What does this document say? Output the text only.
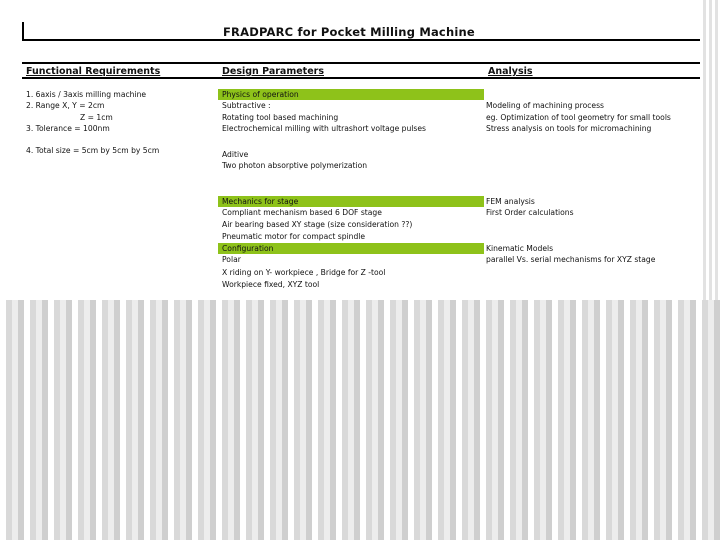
FRADPARC for Pocket Milling Machine
Functional Requirements	Design Parameters	Analysis
1. 6axis / 3axis milling machine
2. Range X, Y = 2cm
Z = 1cm
3. Tolerance = 100nm
4. Total size = 5cm by 5cm by 5cm
Physics of operation
Subtractive :
Rotating tool based machining
Electrochemical milling with ultrashort voltage pulses
Aditive
Two photon absorptive polymerization
Mechanics for stage
Compliant mechanism based 6 DOF stage
Air bearing based XY stage (size consideration ??)
Pneumatic motor for compact spindle
Configuration
Polar
X riding on Y- workpiece , Bridge for Z -tool
Workpiece fixed, XYZ tool
Modeling of machining process
eg. Optimization of tool geometry for small tools
Stress analysis on tools for micromachining
FEM analysis
First Order calculations
Kinematic Models
parallel Vs. serial mechanisms for XYZ stage
